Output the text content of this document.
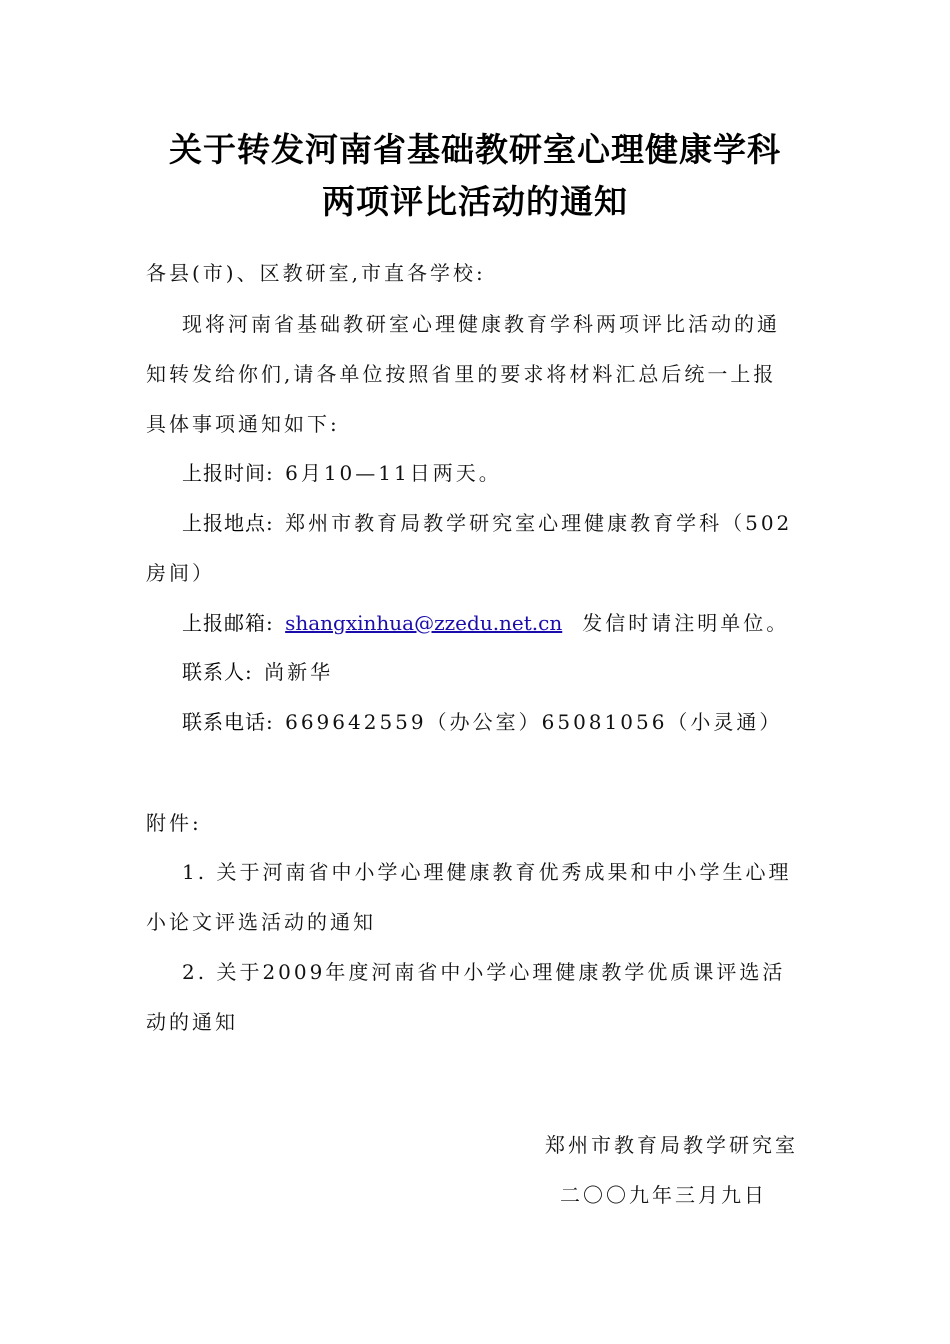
关于转发河南省基础教研室心理健康学科
两项评比活动的通知
各县(市)、区教研室,市直各学校:
现将河南省基础教研室心理健康教育学科两项评比活动的通
知转发给你们,请各单位按照省里的要求将材料汇总后统一上报
具体事项通知如下:
上报时间: 6月10—11日两天。
上报地点: 郑州市教育局教学研究室心理健康教育学科（502
房间）
上报邮箱: shangxinhua@zzedu.net.cn 发信时请注明单位。
联系人: 尚新华
联系电话: 669642559（办公室）65081056（小灵通）
附件:
1. 关于河南省中小学心理健康教育优秀成果和中小学生心理
小论文评选活动的通知
2. 关于2009年度河南省中小学心理健康教学优质课评选活
动的通知
郑州市教育局教学研究室
二〇〇九年三月九日
